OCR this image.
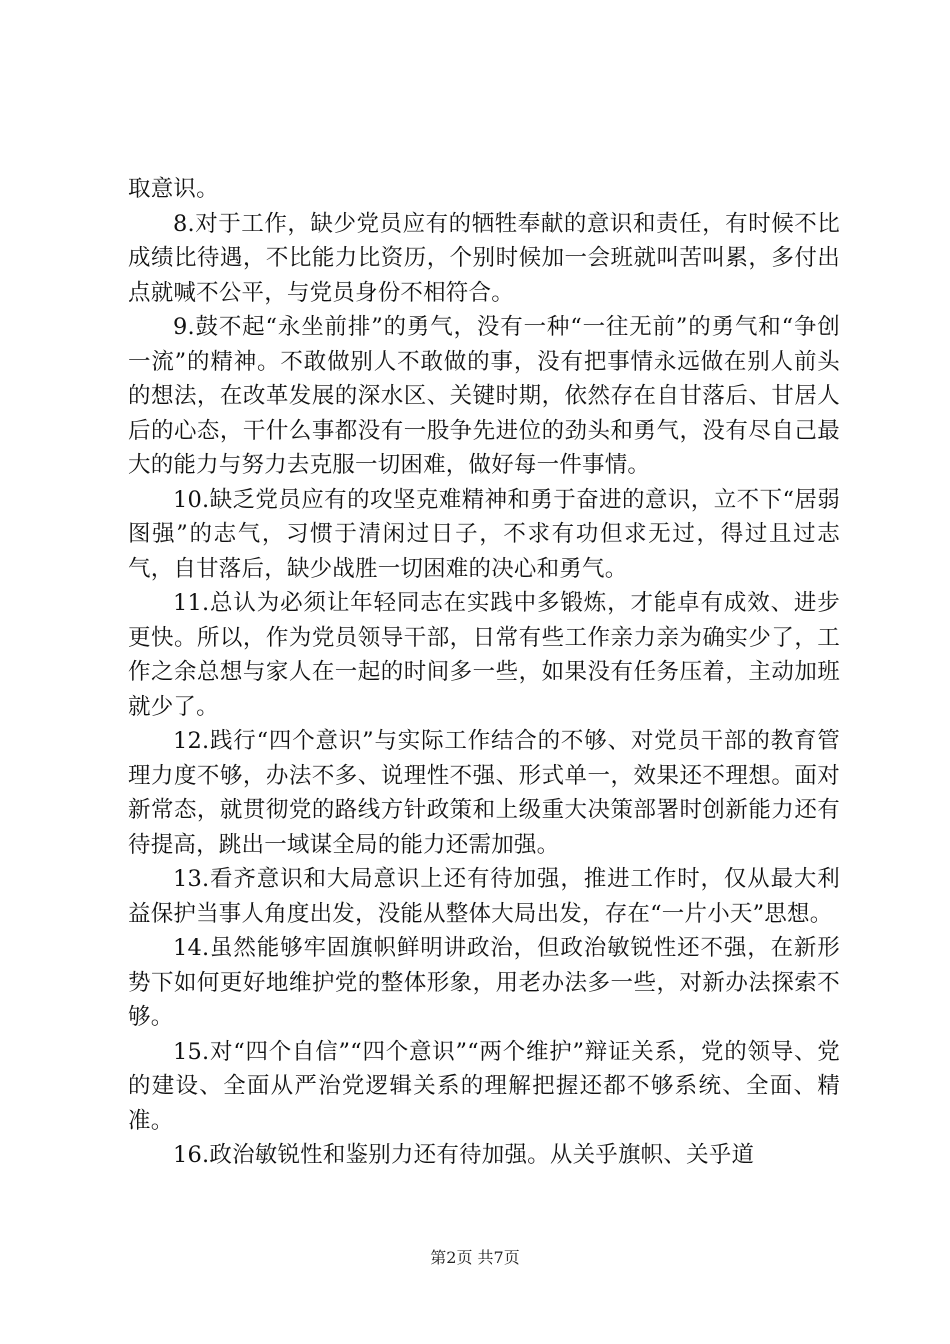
取意识。

8.对于工作，缺少党员应有的牺牲奉献的意识和责任，有时候不比成绩比待遇，不比能力比资历，个别时候加一会班就叫苦叫累，多付出点就喊不公平，与党员身份不相符合。

9.鼓不起“永坐前排”的勇气，没有一种“一往无前”的勇气和“争创一流”的精神。不敢做别人不敢做的事，没有把事情永远做在别人前头的想法，在改革发展的深水区、关键时期，依然存在自甘落后、甘居人后的心态，干什么事都没有一股争先进位的劲头和勇气，没有尽自己最大的能力与努力去克服一切困难，做好每一件事情。

10.缺乏党员应有的攻坚克难精神和勇于奋进的意识，立不下“居弱图强”的志气，习惯于清闲过日子，不求有功但求无过，得过且过志气，自甘落后，缺少战胜一切困难的决心和勇气。

11.总认为必须让年轻同志在实践中多锻炼，才能卓有成效、进步更快。所以，作为党员领导干部，日常有些工作亲力亲为确实少了，工作之余总想与家人在一起的时间多一些，如果没有任务压着，主动加班就少了。

12.践行“四个意识”与实际工作结合的不够、对党员干部的教育管理力度不够，办法不多、说理性不强、形式单一，效果还不理想。面对新常态，就贯彻党的路线方针政策和上级重大决策部署时创新能力还有待提高，跳出一域谋全局的能力还需加强。

13.看齐意识和大局意识上还有待加强，推进工作时，仅从最大利益保护当事人角度出发，没能从整体大局出发，存在“一片小天”思想。

14.虽然能够牢固旗帜鲜明讲政治，但政治敏锐性还不强，在新形势下如何更好地维护党的整体形象，用老办法多一些，对新办法探索不够。

15.对“四个自信”“四个意识”“两个维护”辩证关系，党的领导、党的建设、全面从严治党逻辑关系的理解把握还都不够系统、全面、精准。

16.政治敏锐性和鉴别力还有待加强。从关乎旗帜、关乎道

第2页 共7页
